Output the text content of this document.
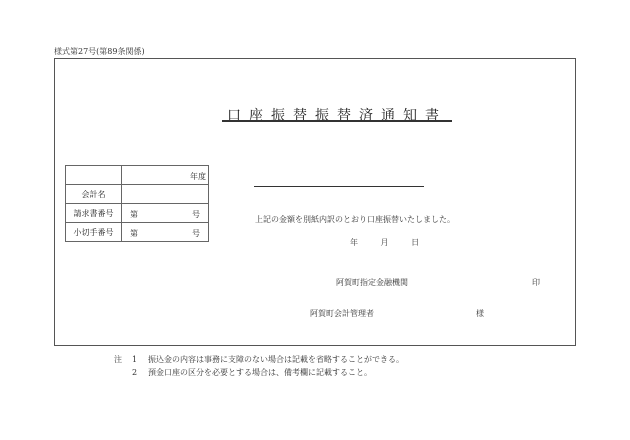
様式第27号(第89条関係)
口座振替振替済通知書

	年度

会計名	
請求書番号	第 号

小切手番号	第 号
上記の金額を別紙内訳のとおり口座振替いたしました。
年	月	日
阿賀町指定金融機関	印
阿賀町会計管理者	様
注 1 振込金の内容は事務に支障のない場合は記載を省略することができる。
2 預金口座の区分を必要とする場合は、備考欄に記載すること。
